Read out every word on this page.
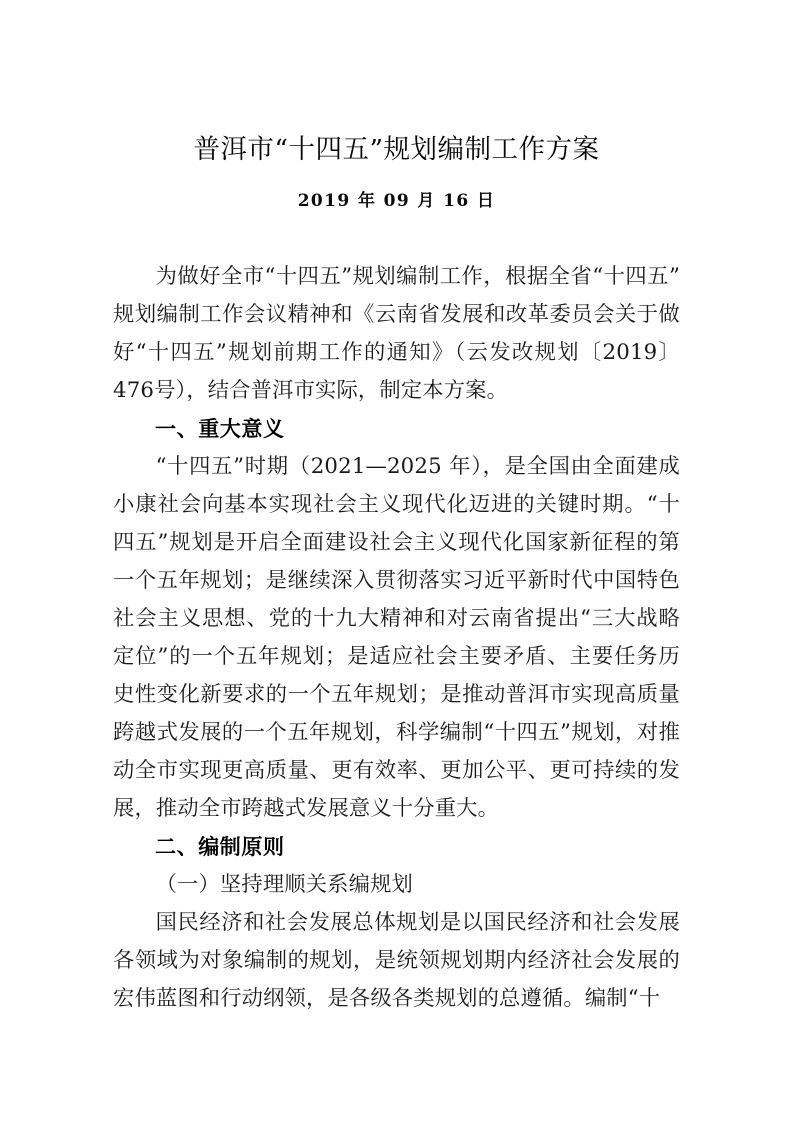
普洱市“十四五”规划编制工作方案
2019 年 09 月 16 日

为做好全市“十四五”规划编制工作，根据全省“十四五”规划编制工作会议精神和《云南省发展和改革委员会关于做好“十四五”规划前期工作的通知》（云发改规划〔2019〕476号），结合普洱市实际，制定本方案。

一、重大意义

“十四五”时期（2021—2025 年），是全国由全面建成小康社会向基本实现社会主义现代化迈进的关键时期。“十四五”规划是开启全面建设社会主义现代化国家新征程的第一个五年规划；是继续深入贯彻落实习近平新时代中国特色社会主义思想、党的十九大精神和对云南省提出“三大战略定位”的一个五年规划；是适应社会主要矛盾、主要任务历史性变化新要求的一个五年规划；是推动普洱市实现高质量跨越式发展的一个五年规划，科学编制“十四五”规划，对推动全市实现更高质量、更有效率、更加公平、更可持续的发展，推动全市跨越式发展意义十分重大。

二、编制原则

（一）坚持理顺关系编规划

国民经济和社会发展总体规划是以国民经济和社会发展各领域为对象编制的规划，是统领规划期内经济社会发展的宏伟蓝图和行动纲领，是各级各类规划的总遵循。编制“十
